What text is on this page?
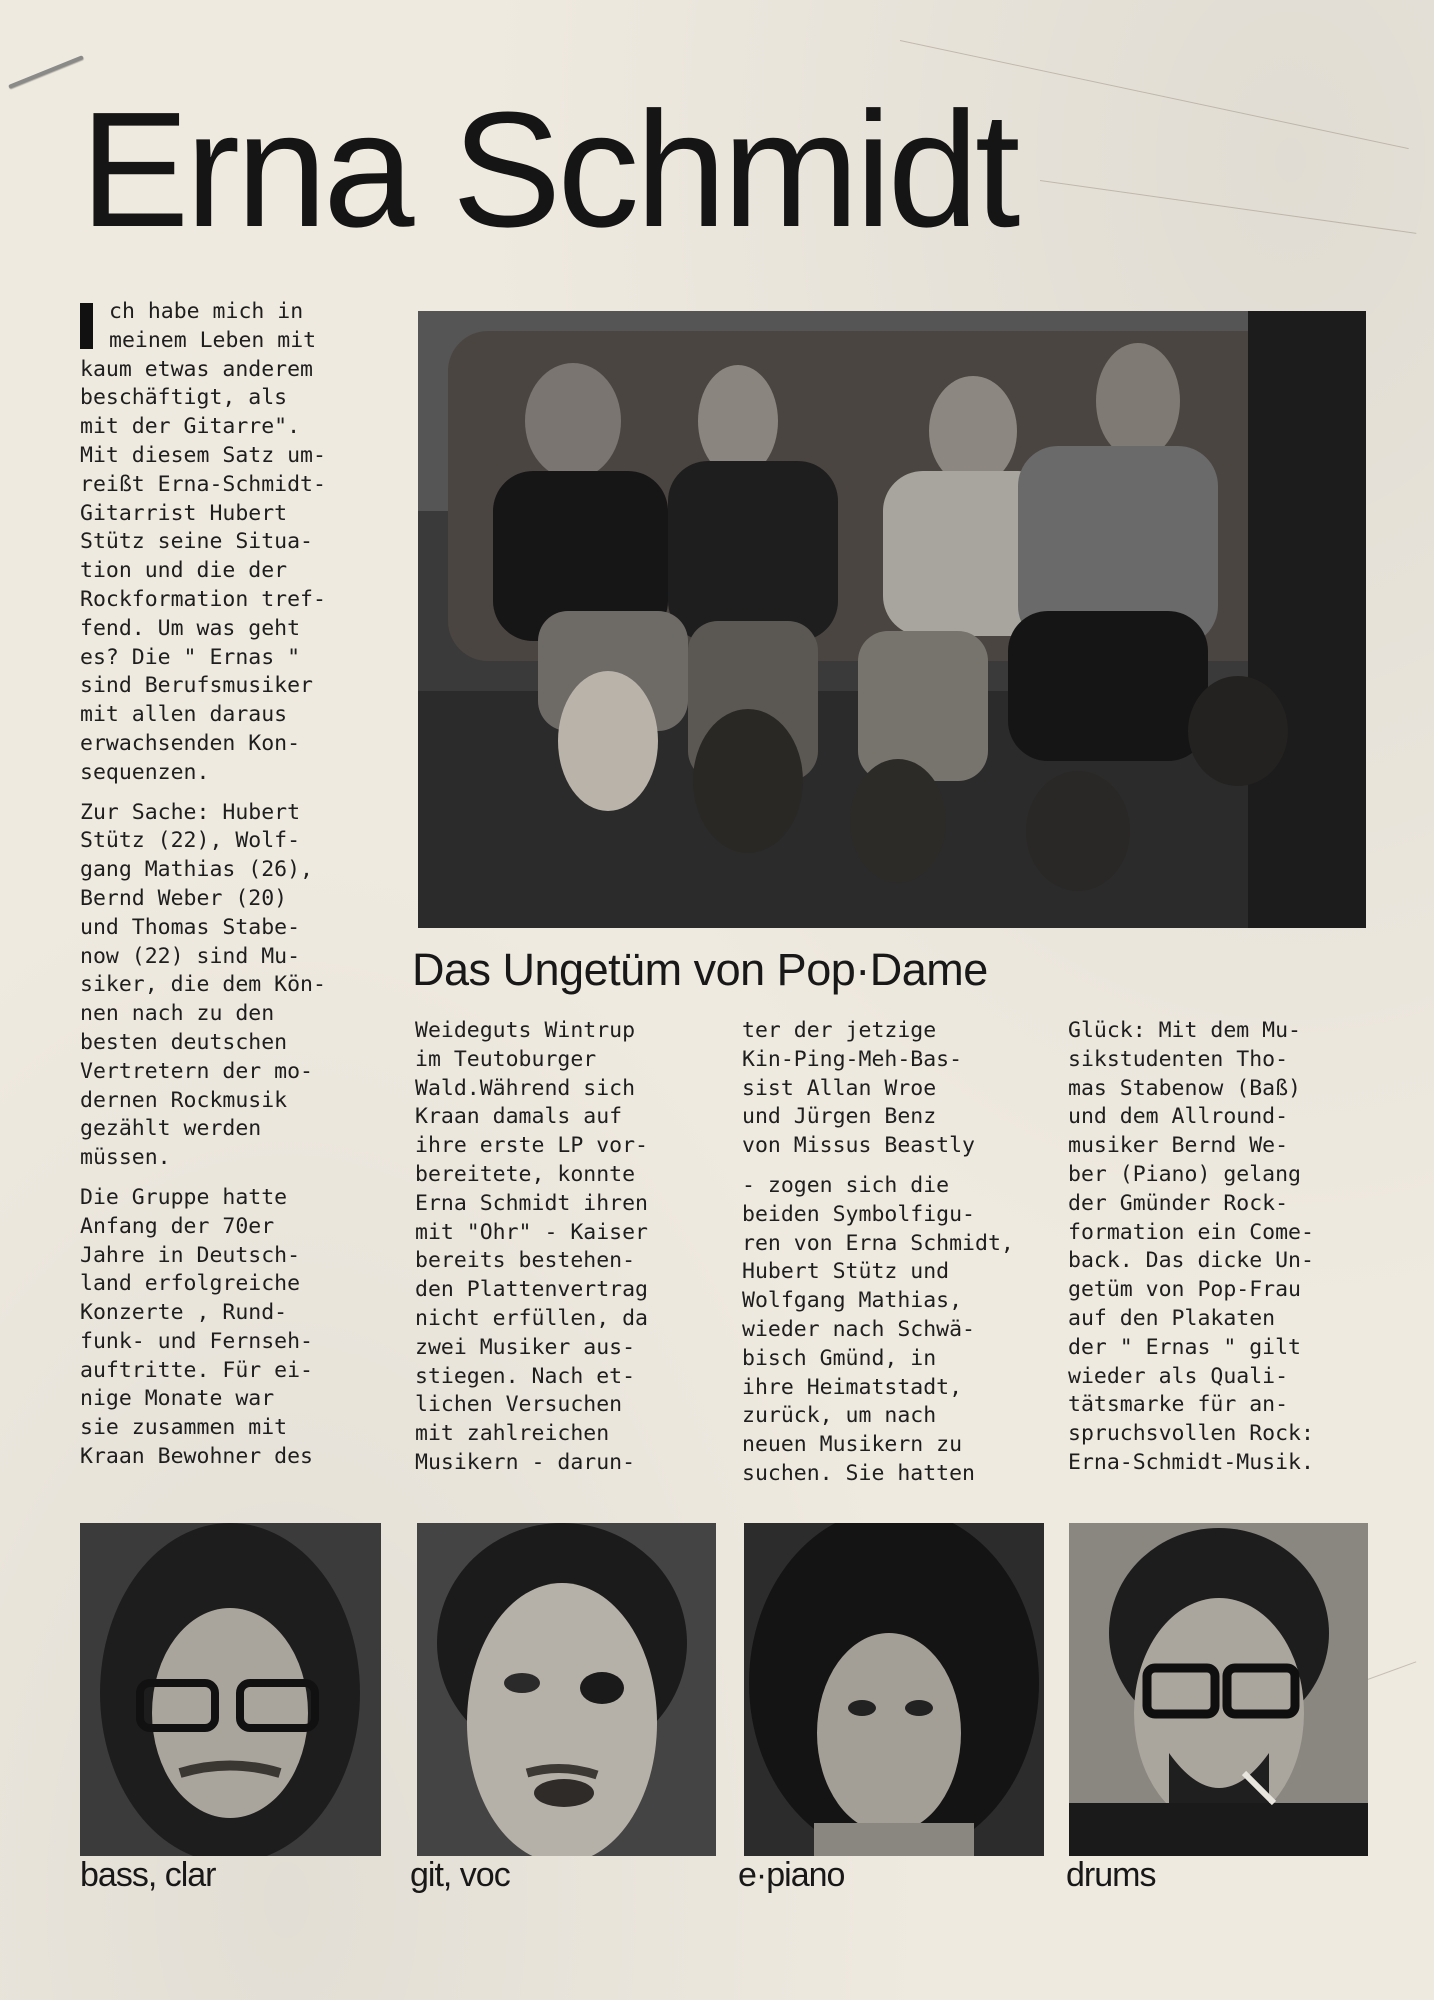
Erna Schmidt

ch habe mich in
meinem Leben mit
kaum etwas anderem
beschäftigt, als
mit der Gitarre".
Mit diesem Satz um-
reißt Erna-Schmidt-
Gitarrist Hubert
Stütz seine Situa-
tion und die der
Rockformation tref-
fend. Um was geht
es? Die " Ernas "
sind Berufsmusiker
mit allen daraus
erwachsenden Kon-
sequenzen.

Zur Sache: Hubert
Stütz (22), Wolf-
gang Mathias (26),
Bernd Weber (20)
und Thomas Stabe-
now (22) sind Mu-
siker, die dem Kön-
nen nach zu den
besten deutschen
Vertretern der mo-
dernen Rockmusik
gezählt werden
müssen.

Die Gruppe hatte
Anfang der 70er
Jahre in Deutsch-
land erfolgreiche
Konzerte , Rund-
funk- und Fernseh-
auftritte. Für ei-
nige Monate war
sie zusammen mit
Kraan Bewohner des

Das Ungetüm von Pop·Dame

Weideguts Wintrup
im Teutoburger
Wald.Während sich
Kraan damals auf
ihre erste LP vor-
bereitete, konnte
Erna Schmidt ihren
mit "Ohr" - Kaiser
bereits bestehen-
den Plattenvertrag
nicht erfüllen, da
zwei Musiker aus-
stiegen. Nach et-
lichen Versuchen
mit zahlreichen
Musikern - darun-

ter der jetzige
Kin-Ping-Meh-Bas-
sist Allan Wroe
und Jürgen Benz
von Missus Beastly

- zogen sich die
beiden Symbolfigu-
ren von Erna Schmidt,
Hubert Stütz und
Wolfgang Mathias,
wieder nach Schwä-
bisch Gmünd, in
ihre Heimatstadt,
zurück, um nach
neuen Musikern zu
suchen. Sie hatten

Glück: Mit dem Mu-
sikstudenten Tho-
mas Stabenow (Baß)
und dem Allround-
musiker Bernd We-
ber (Piano) gelang
der Gmünder Rock-
formation ein Come-
back. Das dicke Un-
getüm von Pop-Frau
auf den Plakaten
der " Ernas " gilt
wieder als Quali-
tätsmarke für an-
spruchsvollen Rock:
Erna-Schmidt-Musik.

bass, clar	git, voc	e·piano	drums
